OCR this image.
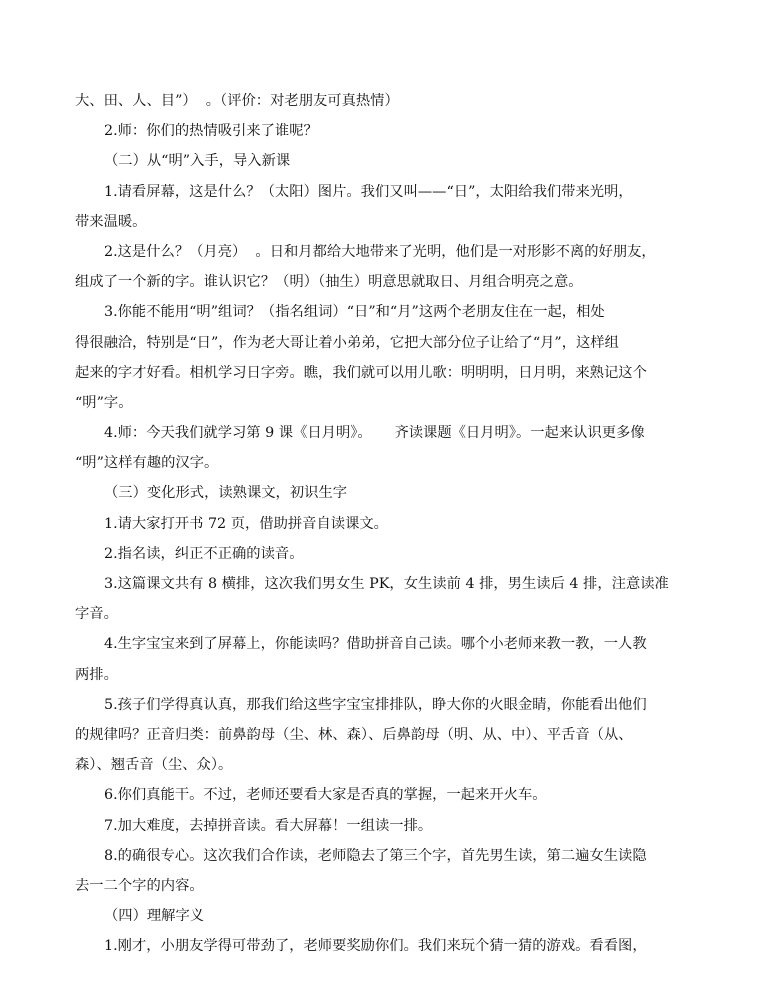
大、田、人、目”）  。（评价：对老朋友可真热情）
2.师：你们的热情吸引来了谁呢？
（二）从“明”入手，导入新课
1.请看屏幕，这是什么？（太阳）图片。我们又叫——“日”，太阳给我们带来光明，
带来温暖。
2.这是什么？（月亮）  。日和月都给大地带来了光明，他们是一对形影不离的好朋友，
组成了一个新的字。谁认识它？（明）（抽生）明意思就取日、月组合明亮之意。
3.你能不能用“明”组词？（指名组词）“日”和“月”这两个老朋友住在一起，相处
得很融洽，特别是“日”，作为老大哥让着小弟弟，它把大部分位子让给了“月”，这样组
起来的字才好看。相机学习日字旁。瞧，我们就可以用儿歌：明明明，日月明，来熟记这个
“明”字。
4.师：今天我们就学习第 9 课《日月明》。     齐读课题《日月明》。一起来认识更多像
“明”这样有趣的汉字。
（三）变化形式，读熟课文，初识生字
1.请大家打开书 72 页，借助拼音自读课文。
2.指名读，纠正不正确的读音。
3.这篇课文共有 8 横排，这次我们男女生 PK，女生读前 4 排，男生读后 4 排，注意读准
字音。
4.生字宝宝来到了屏幕上，你能读吗？借助拼音自己读。哪个小老师来教一教，一人教
两排。
5.孩子们学得真认真，那我们给这些字宝宝排排队，睁大你的火眼金睛，你能看出他们
的规律吗？正音归类：前鼻韵母（尘、林、森）、后鼻韵母（明、从、中）、平舌音（从、
森）、翘舌音（尘、众）。
6.你们真能干。不过，老师还要看大家是否真的掌握，一起来开火车。
7.加大难度，去掉拼音读。看大屏幕！一组读一排。
8.的确很专心。这次我们合作读，老师隐去了第三个字，首先男生读，第二遍女生读隐
去一二个字的内容。
（四）理解字义
1.刚才，小朋友学得可带劲了，老师要奖励你们。我们来玩个猜一猜的游戏。看看图，
